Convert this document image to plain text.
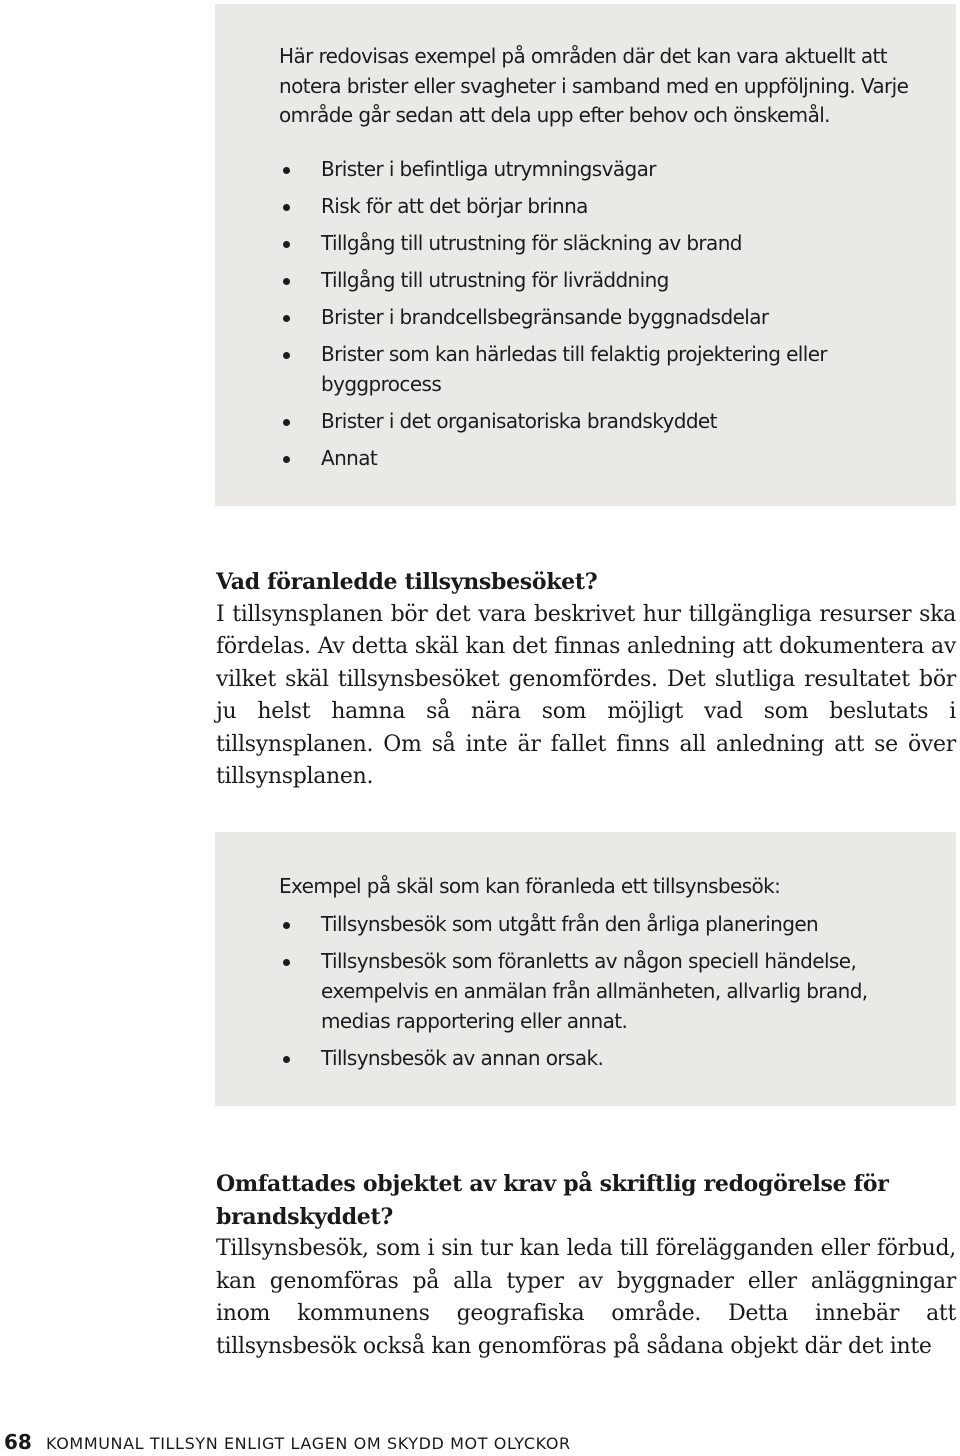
Här redovisas exempel på områden där det kan vara aktuellt att notera brister eller svagheter i samband med en uppföljning. Varje område går sedan att dela upp efter behov och önskemål.

Brister i befintliga utrymningsvägar
Risk för att det börjar brinna
Tillgång till utrustning för släckning av brand
Tillgång till utrustning för livräddning
Brister i brandcellsbegränsande byggnadsdelar
Brister som kan härledas till felaktig projektering eller byggprocess
Brister i det organisatoriska brandskyddet
Annat
Vad föranledde tillsynsbesöket?

I tillsynsplanen bör det vara beskrivet hur tillgängliga resurser ska fördelas. Av detta skäl kan det finnas anledning att dokumentera av vilket skäl tillsynsbesöket genomfördes. Det slutliga resultatet bör ju helst hamna så nära som möjligt vad som beslutats i tillsynsplanen. Om så inte är fallet finns all anledning att se över tillsynsplanen.

Exempel på skäl som kan föranleda ett tillsynsbesök:

Tillsynsbesök som utgått från den årliga planeringen
Tillsynsbesök som föranletts av någon speciell händelse, exempelvis en anmälan från allmänheten, allvarlig brand, medias rapportering eller annat.
Tillsynsbesök av annan orsak.
Omfattades objektet av krav på skriftlig redogörelse för brandskyddet?

Tillsynsbesök, som i sin tur kan leda till förelägganden eller förbud, kan genomföras på alla typer av byggnader eller anläggningar inom kommunens geografiska område. Detta innebär att tillsynsbesök också kan genomföras på sådana objekt där det inte

68 KOMMUNAL TILLSYN ENLIGT LAGEN OM SKYDD MOT OLYCKOR
